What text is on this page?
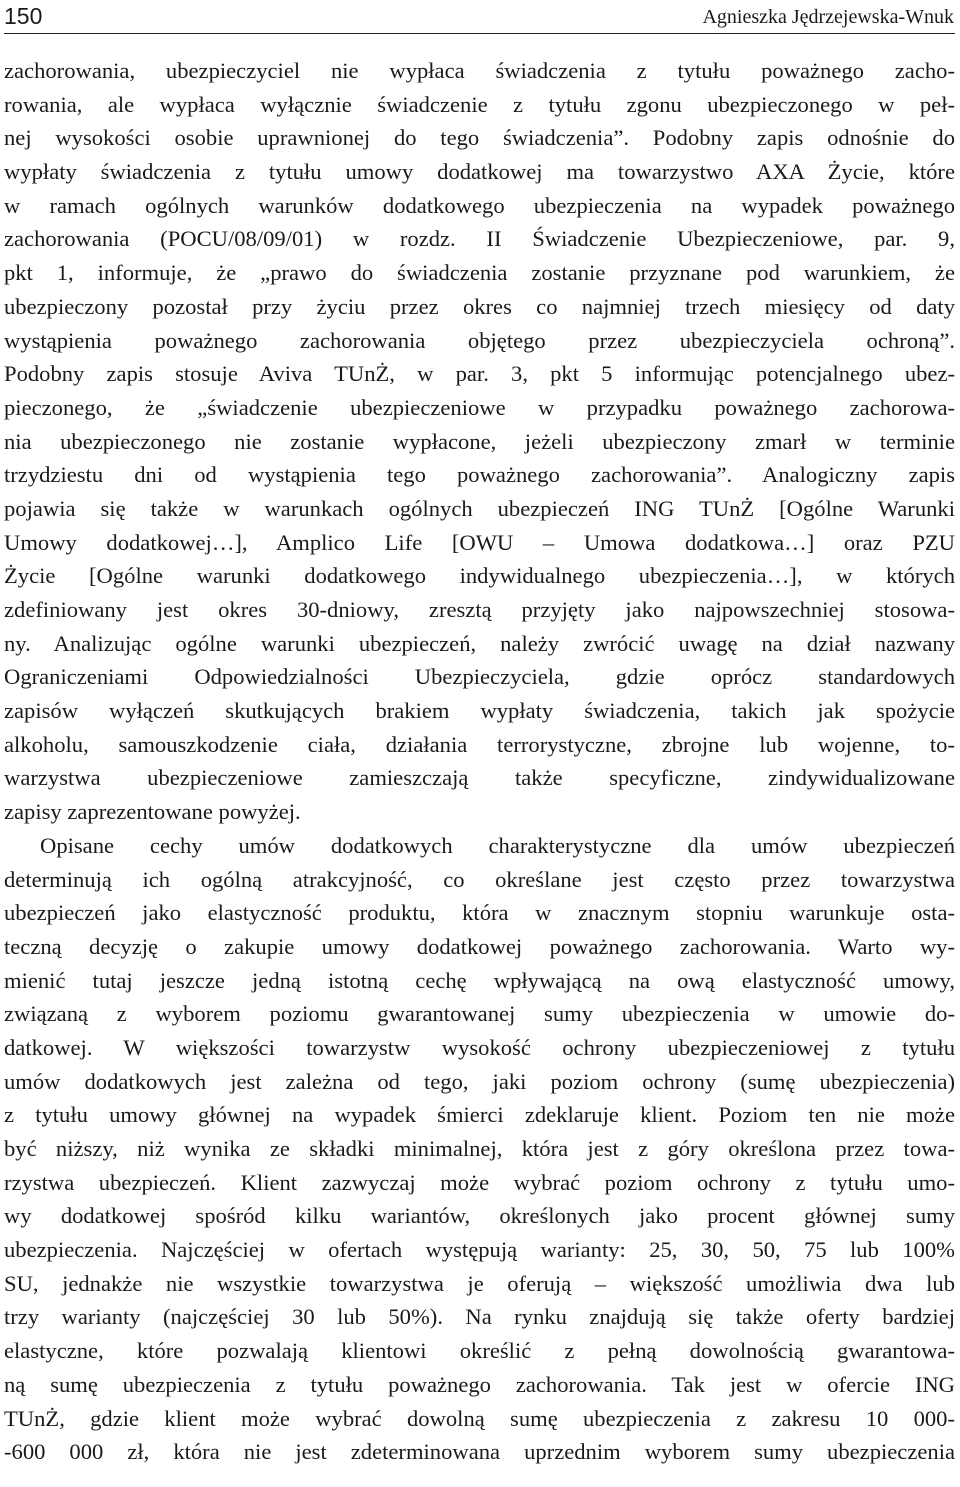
150	Agnieszka Jędrzejewska-Wnuk

zachorowania, ubezpieczyciel nie wypłaca świadczenia z tytułu poważnego zacho-
rowania, ale wypłaca wyłącznie świadczenie z tytułu zgonu ubezpieczonego w peł-
nej wysokości osobie uprawnionej do tego świadczenia”. Podobny zapis odnośnie do
wypłaty świadczenia z tytułu umowy dodatkowej ma towarzystwo AXA Życie, które
w ramach ogólnych warunków dodatkowego ubezpieczenia na wypadek poważnego
zachorowania (POCU/08/09/01) w rozdz. II Świadczenie Ubezpieczeniowe, par. 9,
pkt 1, informuje, że „prawo do świadczenia zostanie przyznane pod warunkiem, że
ubezpieczony pozostał przy życiu przez okres co najmniej trzech miesięcy od daty
wystąpienia poważnego zachorowania objętego przez ubezpieczyciela ochroną”.
Podobny zapis stosuje Aviva TUnŻ, w par. 3, pkt 5 informując potencjalnego ubez-
pieczonego, że „świadczenie ubezpieczeniowe w przypadku poważnego zachorowa-
nia ubezpieczonego nie zostanie wypłacone, jeżeli ubezpieczony zmarł w terminie
trzydziestu dni od wystąpienia tego poważnego zachorowania”. Analogiczny zapis
pojawia się także w warunkach ogólnych ubezpieczeń ING TUnŻ [Ogólne Warunki
Umowy dodatkowej…], Amplico Life [OWU – Umowa dodatkowa…] oraz PZU
Życie [Ogólne warunki dodatkowego indywidualnego ubezpieczenia…], w których
zdefiniowany jest okres 30-dniowy, zresztą przyjęty jako najpowszechniej stosowa-
ny. Analizując ogólne warunki ubezpieczeń, należy zwrócić uwagę na dział nazwany
Ograniczeniami Odpowiedzialności Ubezpieczyciela, gdzie oprócz standardowych
zapisów wyłączeń skutkujących brakiem wypłaty świadczenia, takich jak spożycie
alkoholu, samouszkodzenie ciała, działania terrorystyczne, zbrojne lub wojenne, to-
warzystwa ubezpieczeniowe zamieszczają także specyficzne, zindywidualizowane
zapisy zaprezentowane powyżej.

Opisane cechy umów dodatkowych charakterystyczne dla umów ubezpieczeń
determinują ich ogólną atrakcyjność, co określane jest często przez towarzystwa
ubezpieczeń jako elastyczność produktu, która w znacznym stopniu warunkuje osta-
teczną decyzję o zakupie umowy dodatkowej poważnego zachorowania. Warto wy-
mienić tutaj jeszcze jedną istotną cechę wpływającą na ową elastyczność umowy,
związaną z wyborem poziomu gwarantowanej sumy ubezpieczenia w umowie do-
datkowej. W większości towarzystw wysokość ochrony ubezpieczeniowej z tytułu
umów dodatkowych jest zależna od tego, jaki poziom ochrony (sumę ubezpieczenia)
z tytułu umowy głównej na wypadek śmierci zdeklaruje klient. Poziom ten nie może
być niższy, niż wynika ze składki minimalnej, która jest z góry określona przez towa-
rzystwa ubezpieczeń. Klient zazwyczaj może wybrać poziom ochrony z tytułu umo-
wy dodatkowej spośród kilku wariantów, określonych jako procent głównej sumy
ubezpieczenia. Najczęściej w ofertach występują warianty: 25, 30, 50, 75 lub 100%
SU, jednakże nie wszystkie towarzystwa je oferują – większość umożliwia dwa lub
trzy warianty (najczęściej 30 lub 50%). Na rynku znajdują się także oferty bardziej
elastyczne, które pozwalają klientowi określić z pełną dowolnością gwarantowa-
ną sumę ubezpieczenia z tytułu poważnego zachorowania. Tak jest w ofercie ING
TUnŻ, gdzie klient może wybrać dowolną sumę ubezpieczenia z zakresu 10 000-
-600 000 zł, która nie jest zdeterminowana uprzednim wyborem sumy ubezpieczenia
